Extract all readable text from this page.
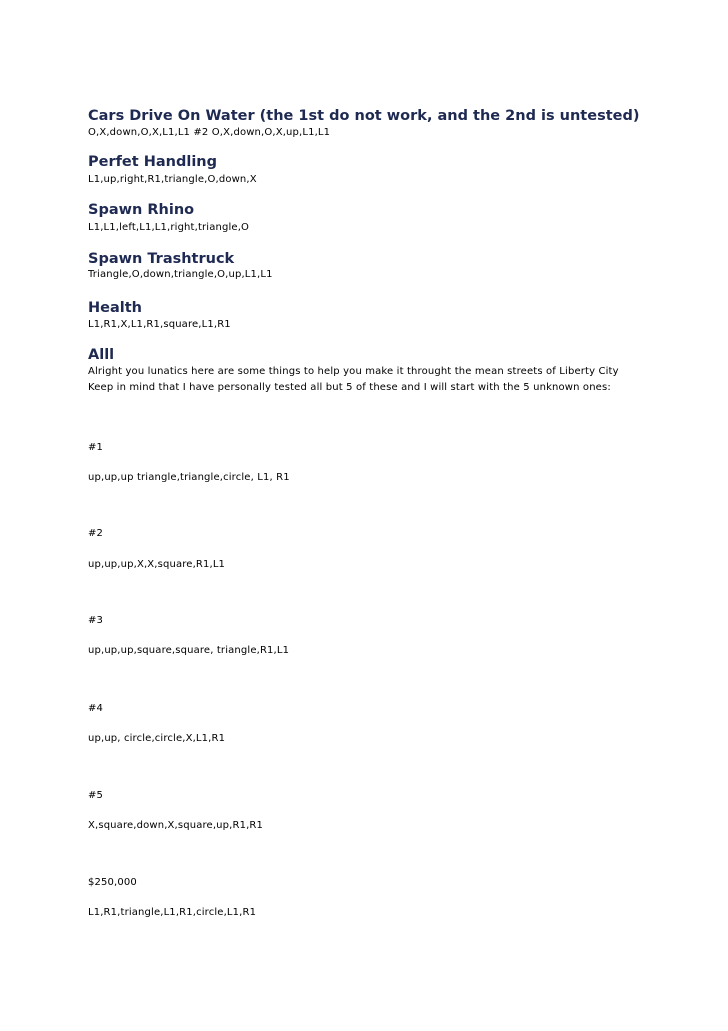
Cars Drive On Water (the 1st do not work, and the 2nd is untested)
O,X,down,O,X,L1,L1 #2 O,X,down,O,X,up,L1,L1
Perfet Handling
L1,up,right,R1,triangle,O,down,X
Spawn Rhino
L1,L1,left,L1,L1,right,triangle,O
Spawn Trashtruck
Triangle,O,down,triangle,O,up,L1,L1
Health
L1,R1,X,L1,R1,square,L1,R1
Alll
Alright you lunatics here are some things to help you make it throught the mean streets of Liberty City
Keep in mind that I have personally tested all but 5 of these and I will start with the 5 unknown ones:
#1
up,up,up triangle,triangle,circle, L1, R1
#2
up,up,up,X,X,square,R1,L1
#3
up,up,up,square,square, triangle,R1,L1
#4
up,up, circle,circle,X,L1,R1
#5
X,square,down,X,square,up,R1,R1
$250,000
L1,R1,triangle,L1,R1,circle,L1,R1
